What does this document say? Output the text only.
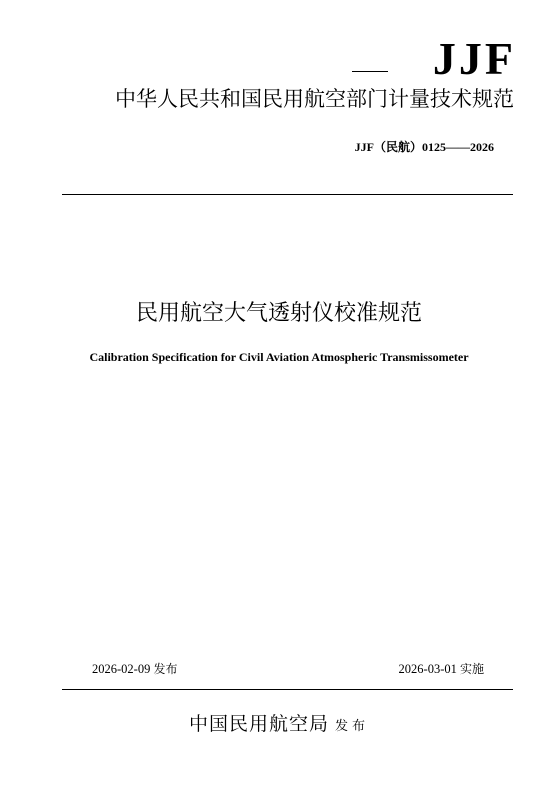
JJF
中华人民共和国民用航空部门计量技术规范
JJF（民航）0125——2026
民用航空大气透射仪校准规范
Calibration Specification for Civil Aviation Atmospheric Transmissometer
2026-02-09 发布	2026-03-01 实施
中国民用航空局 发布
